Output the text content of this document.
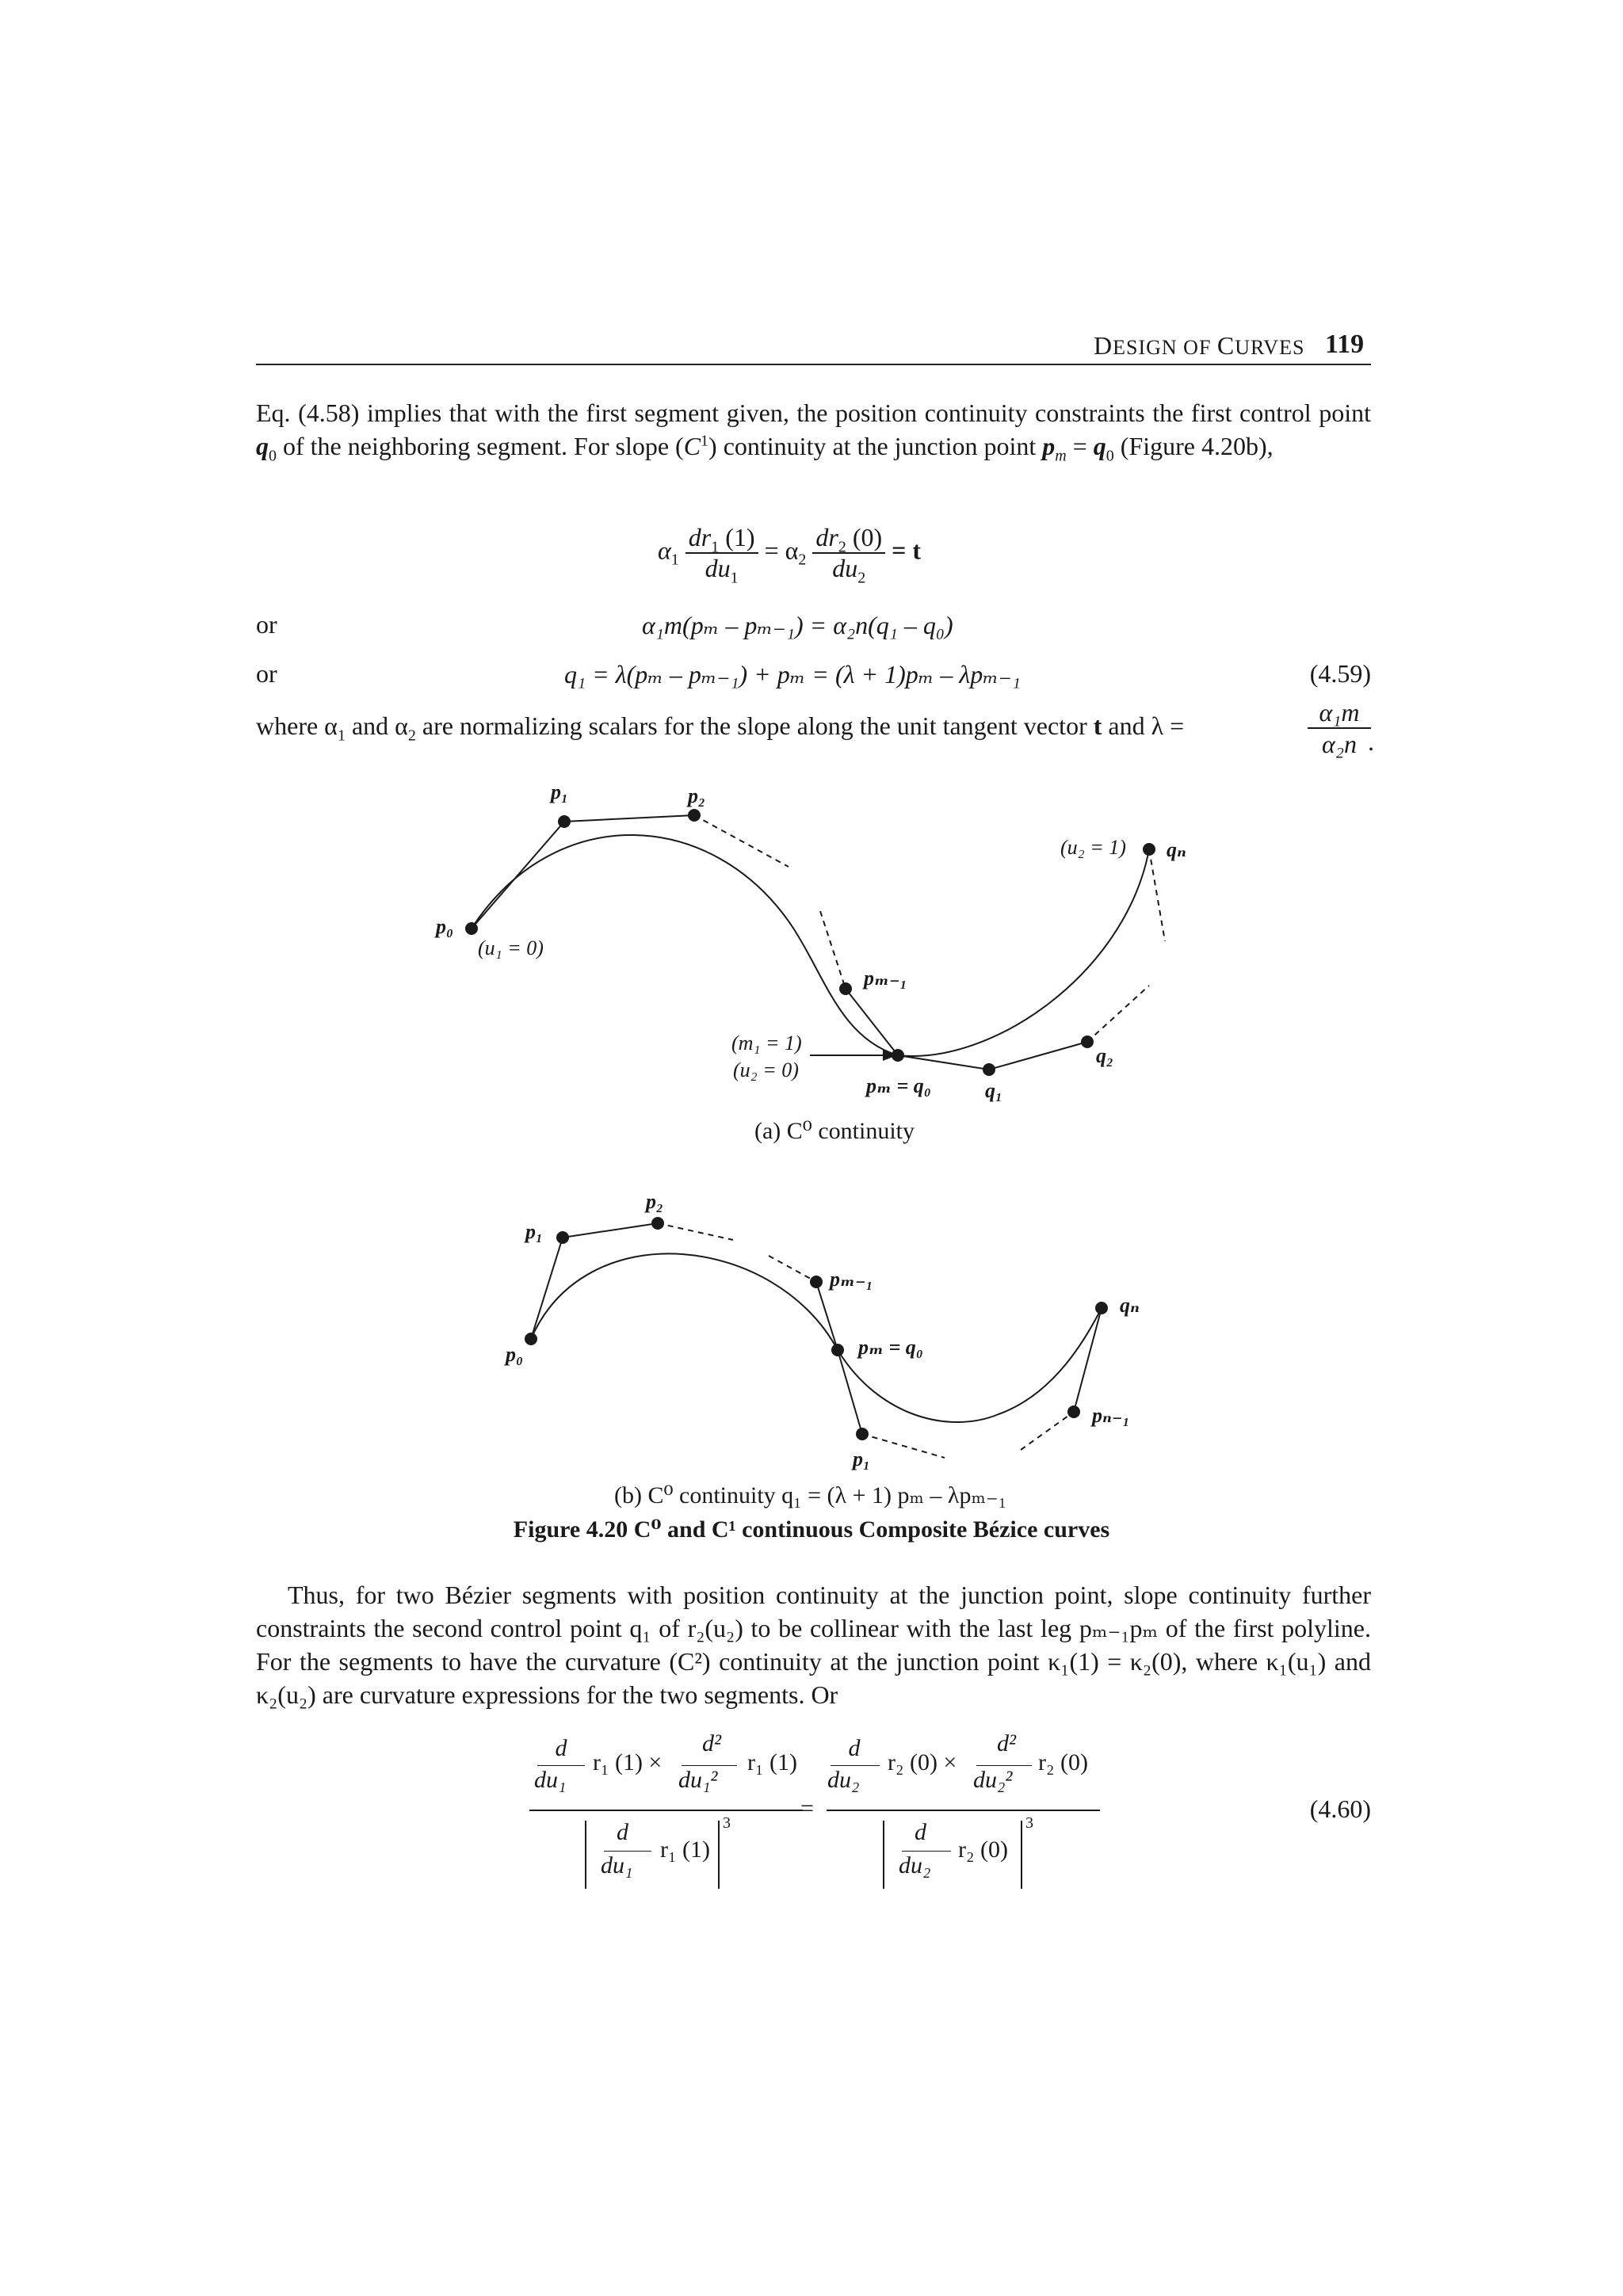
DESIGN OF CURVES 119

Eq. (4.58) implies that with the first segment given, the position continuity constraints the first control point $q_0$ of the neighboring segment. For slope $(C^1)$ continuity at the junction point $p_m = q_0$ (Figure 4.20b),

$\alpha_1 \frac{dr_1 (1)}{du_1} = \alpha_2 \frac{dr_2 (0)}{du_2} = t$
or	α₁m(pₘ – pₘ₋₁) = α₂n(q₁ – q₀)
or	q₁ = λ(pₘ – pₘ₋₁) + pₘ = (λ + 1)pₘ – λpₘ₋₁	(4.59)
where $\alpha_1$ and $\alpha_2$ are normalizing scalars for the slope along the unit tangent vector t and λ =	$\frac{\text{α₁m}}{\text{α₂n}}$
.
p₁	p₂
p₀
(u₁ = 0)
(u₂ = 1) qₙ
pₘ₋₁
(m₁ = 1)
(u₂ = 0)
pₘ = q₀	q₁
q₂
(a) C⁰ continuity
p₂
p₁
p₀
pₘ₋₁
pₘ = q₀
qₙ
pₙ₋₁
p₁
(b) C⁰ continuity q₁ = (λ + 1) pₘ – λpₘ₋₁
Figure 4.20 C⁰ and C¹ continuous Composite Bézice curves

Thus, for two Bézier segments with position continuity at the junction point, slope continuity further constraints the second control point q₁ of r₂(u₂) to be collinear with the last leg pₘ₋₁pₘ of the first polyline. For the segments to have the curvature (C²) continuity at the junction point κ₁(1) = κ₂(0), where κ₁(u₁) and κ₂(u₂) are curvature expressions for the two segments. Or

d
du₁
r₁ (1) ×
d²
du₁²
r₁ (1)
d
du₁
r₁ (1)
3
=
d
du₂
r₂ (0) ×
d²
du₂²
r₂ (0)
d
du₂
r₂ (0)
3	(4.60)
